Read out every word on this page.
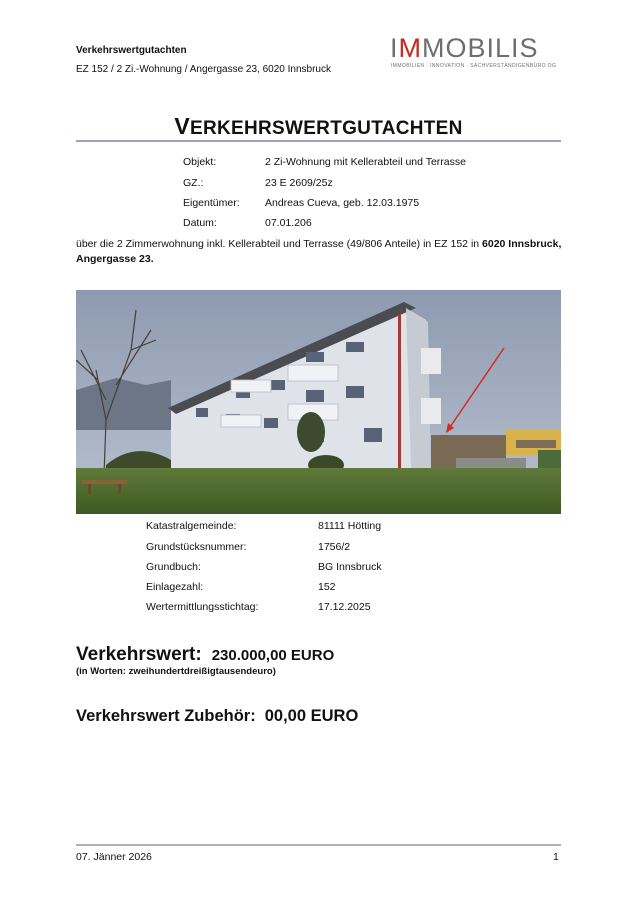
Verkehrswertgutachten
EZ 152 / 2 Zi.-Wohnung / Angergasse 23, 6020 Innsbruck
IMMOBILIS
IMMOBILIEN · INNOVATION · SACHVERSTÄNDIGENBÜRO OG
VERKEHRSWERTGUTACHTEN
Objekt:	2 Zi-Wohnung mit Kellerabteil und Terrasse
GZ.:	23 E 2609/25z
Eigentümer: Andreas Cueva, geb. 12.03.1975
Datum:	07.01.206
über die 2 Zimmerwohnung inkl. Kellerabteil und Terrasse (49/806 Anteile) in EZ 152 in 6020 Innsbruck, Angergasse 23.
Katastralgemeinde:	81111 Hötting
Grundstücksnummer:	1756/2
Grundbuch:	BG Innsbruck
Einlagezahl:	152
Wertermittlungsstichtag:	17.12.2025
Verkehrswert: 230.000,00 EURO
(in Worten: zweihundertdreißigtausendeuro)
Verkehrswert Zubehör: 00,00 EURO
07. Jänner 2026	1
